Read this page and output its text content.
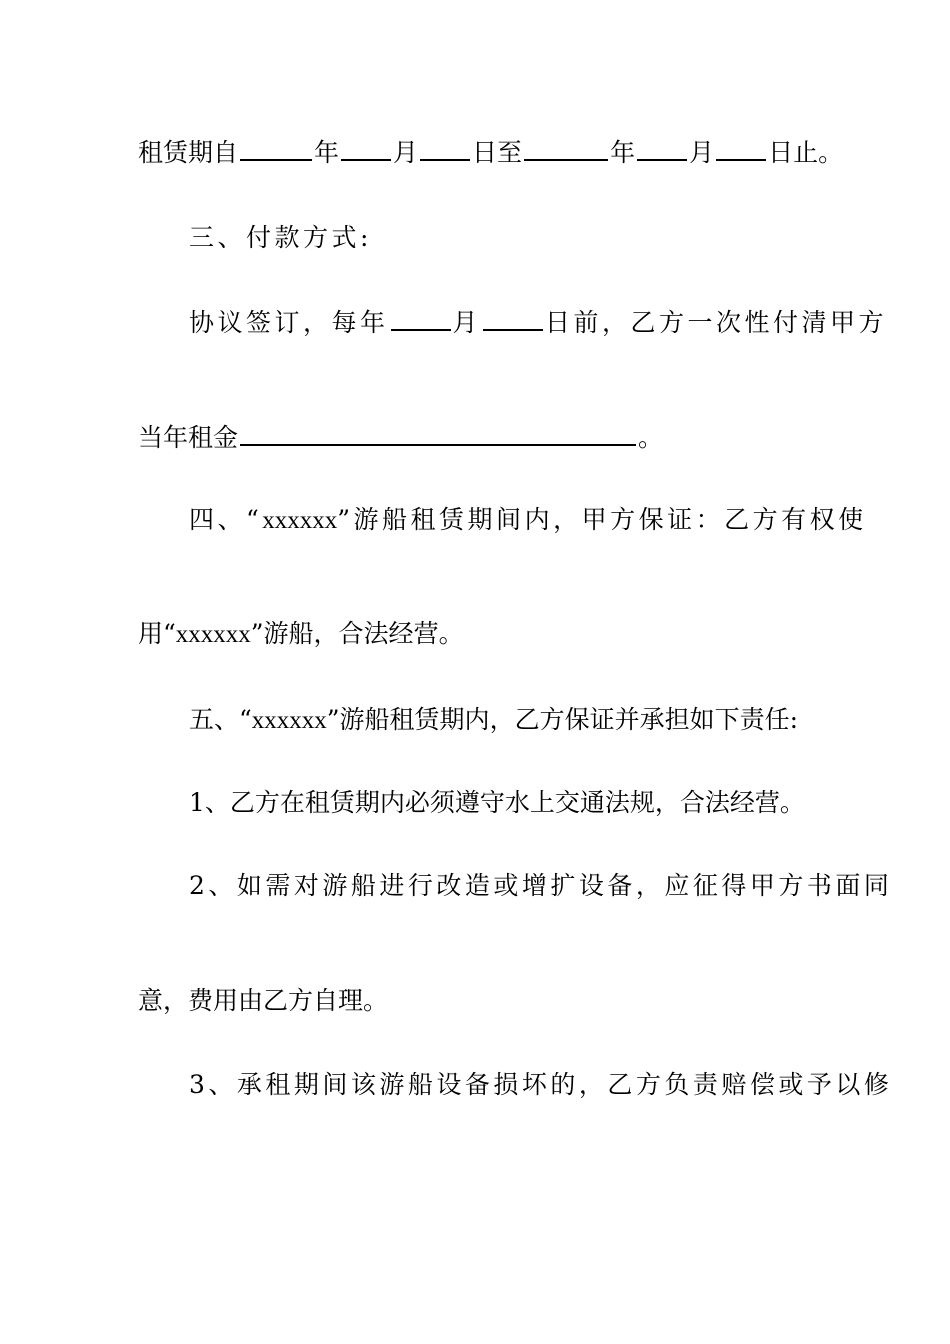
租赁期自	年 月 日至	年 月 日止。
三、付款方式:
协议签订，每年	月	日前，乙方一次性付清甲方
当年租金	。
四、“xxxxxx”游船租赁期间内，甲方保证：乙方有权使
用“xxxxxx”游船，合法经营。
五、“xxxxxx”游船租赁期内，乙方保证并承担如下责任:
1、乙方在租赁期内必须遵守水上交通法规，合法经营。
2、如需对游船进行改造或增扩设备，应征得甲方书面同
意，费用由乙方自理。
3、承租期间该游船设备损坏的，乙方负责赔偿或予以修
